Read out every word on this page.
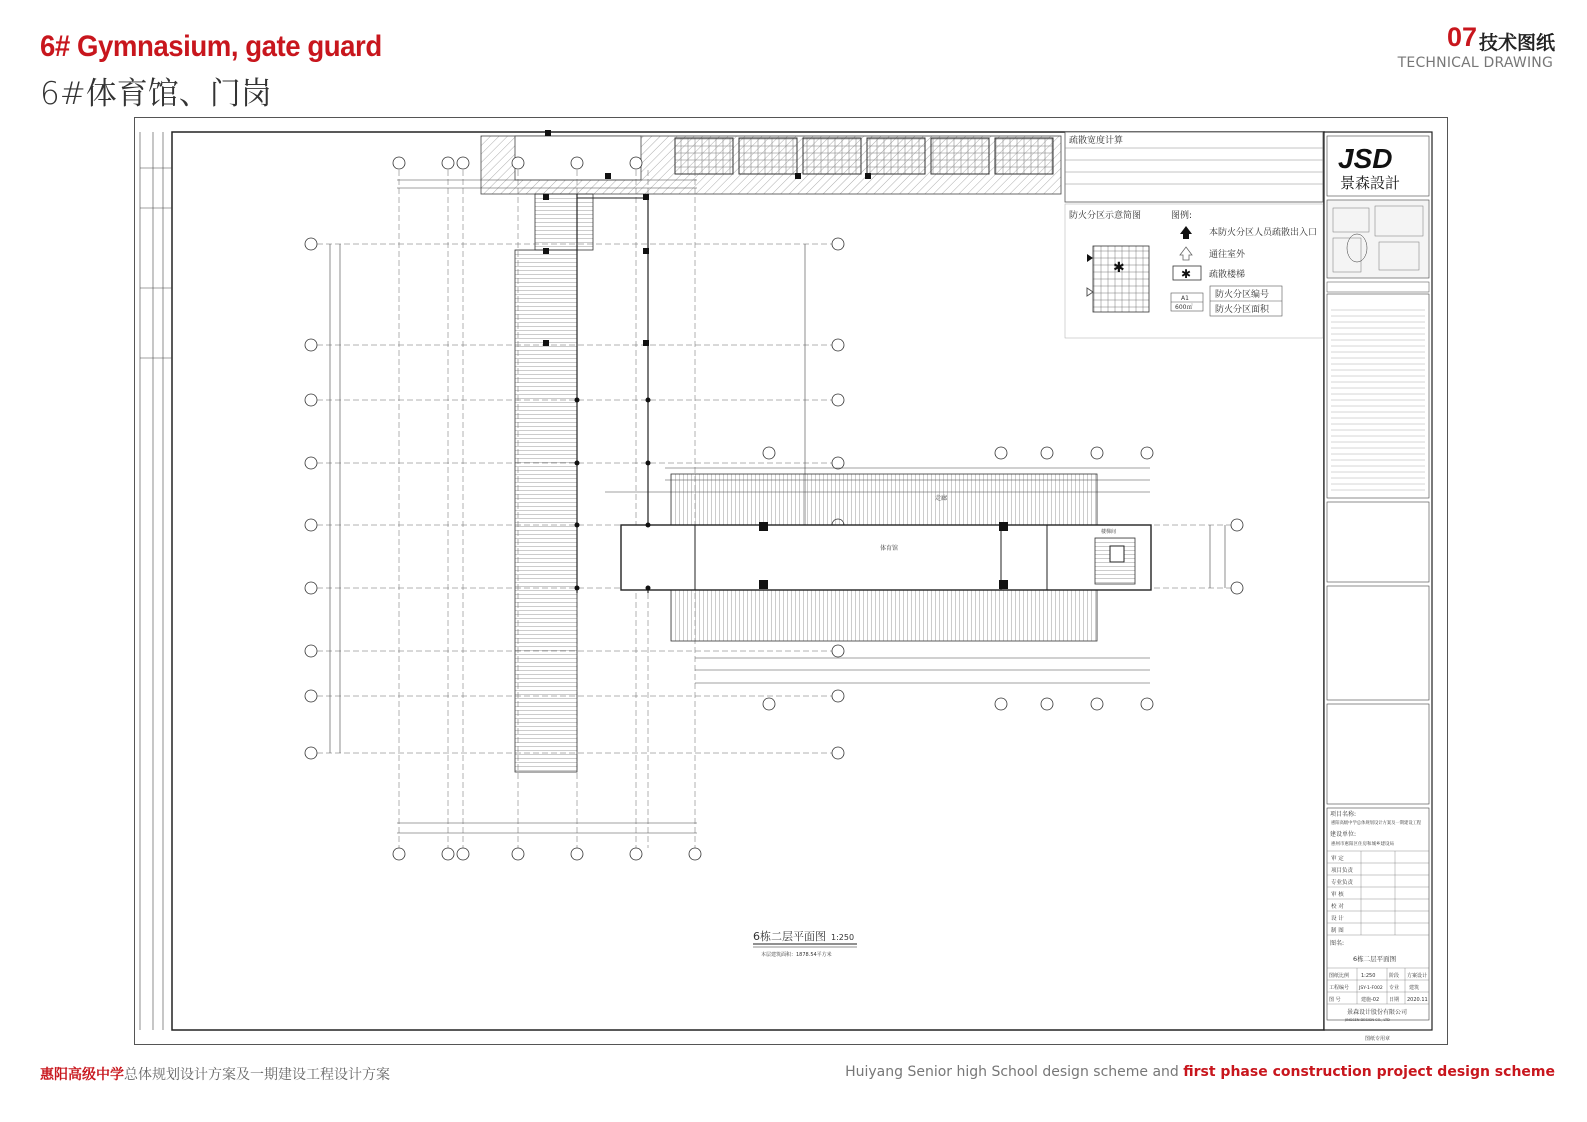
6# Gymnasium, gate guard
6#体育馆、门岗
07 技术图纸
TECHNICAL DRAWING
体育馆
走廊
楼梯间
6栋二层平面图 1:250
本层建筑面积：1878.54平方米
疏散宽度计算
防火分区示意简图
✱
图例:
本防火分区人员疏散出入口
通往室外
✱ 疏散楼梯
A1
600㎡
防火分区编号
防火分区面积
JSD
景森設計
项目名称:
惠阳高级中学总体规划设计方案及一期建设工程
建设单位:
惠州市惠阳区住房和城乡建设局
审 定
项目负责
专业负责
审 核
校 对
设 计
制 图
图名:
6栋二层平面图
图纸比例 1:250	阶段 方案设计
工程编号 JSY-1-F002 专业 建筑
图 号	建施-02 日期 2020.11
景森设计股份有限公司
JINGSEN DESIGN CO., LTD
图纸专用章
惠阳高级中学总体规划设计方案及一期建设工程设计方案	Huiyang Senior high School design scheme and first phase construction project design scheme
